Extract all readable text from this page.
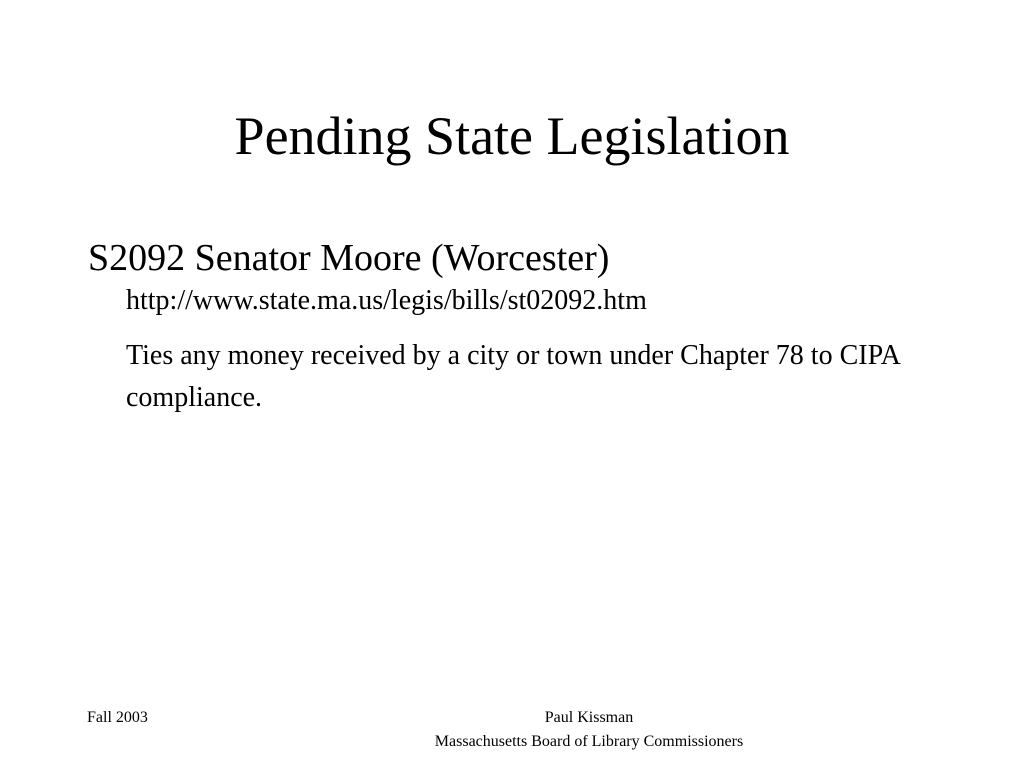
Pending State Legislation
S2092 Senator Moore (Worcester)
http://www.state.ma.us/legis/bills/st02092.htm
Ties any money received by a city or town under Chapter 78 to CIPA compliance.
Fall 2003	Paul Kissman
Massachusetts Board of Library Commissioners
